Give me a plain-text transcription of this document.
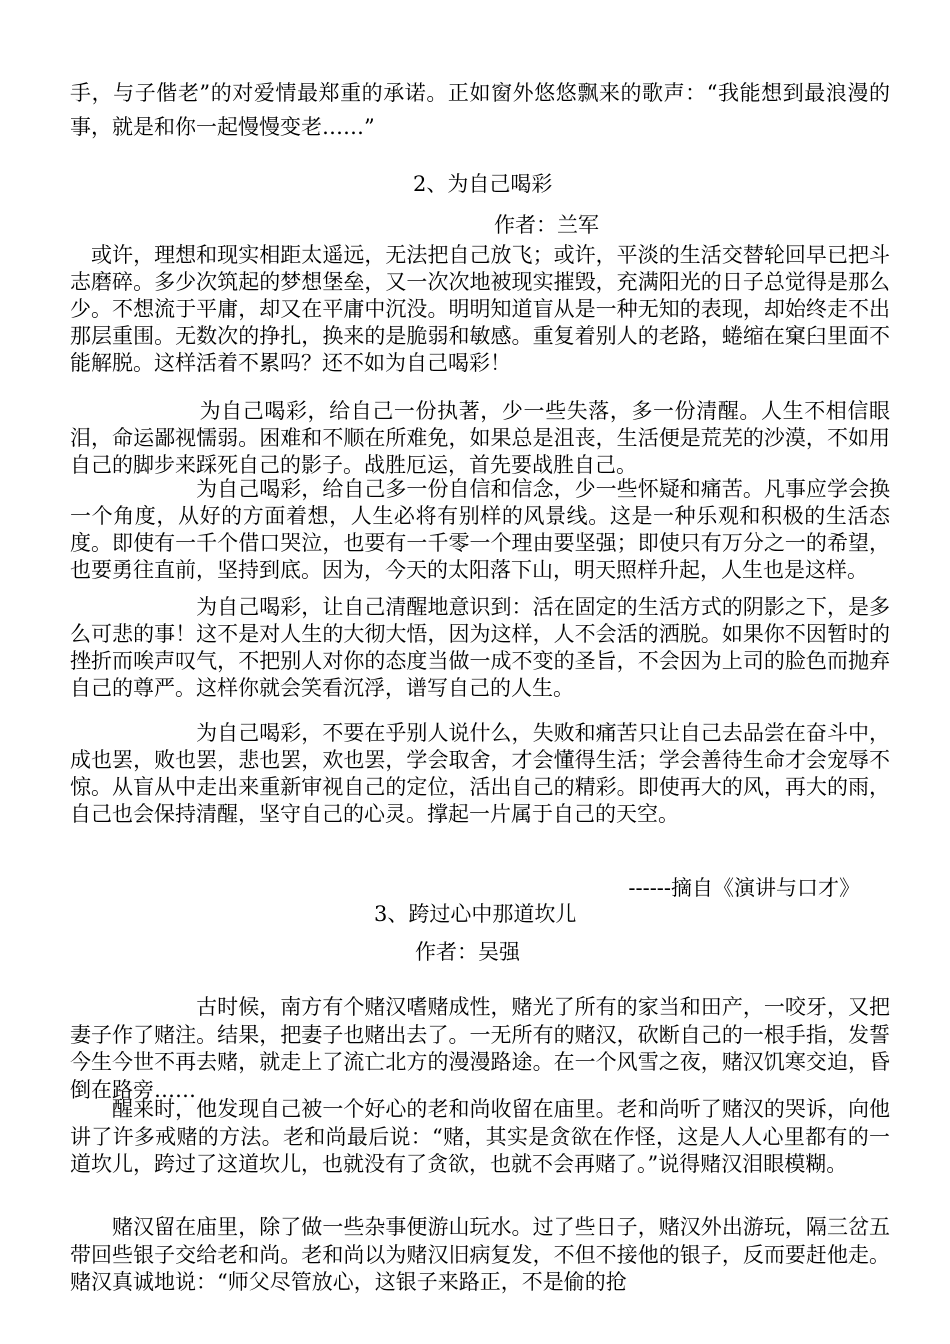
手，与子偕老”的对爱情最郑重的承诺。正如窗外悠悠飘来的歌声：“我能想到最浪漫的事，就是和你一起慢慢变老……”

2、为自己喝彩
作者：兰军

　或许，理想和现实相距太遥远，无法把自己放飞；或许，平淡的生活交替轮回早已把斗志磨碎。多少次筑起的梦想堡垒，又一次次地被现实摧毁，充满阳光的日子总觉得是那么少。不想流于平庸，却又在平庸中沉没。明明知道盲从是一种无知的表现，却始终走不出那层重围。无数次的挣扎，换来的是脆弱和敏感。重复着别人的老路，蜷缩在窠臼里面不能解脱。这样活着不累吗？还不如为自己喝彩！

　　　　　　为自己喝彩，给自己一份执著，少一些失落，多一份清醒。人生不相信眼泪，命运鄙视懦弱。困难和不顺在所难免，如果总是沮丧，生活便是荒芜的沙漠，不如用自己的脚步来踩死自己的影子。战胜厄运，首先要战胜自己。

　　　　　　为自己喝彩，给自己多一份自信和信念，少一些怀疑和痛苦。凡事应学会换一个角度，从好的方面着想，人生必将有别样的风景线。这是一种乐观和积极的生活态度。即使有一千个借口哭泣，也要有一千零一个理由要坚强；即使只有万分之一的希望，也要勇往直前，坚持到底。因为，今天的太阳落下山，明天照样升起，人生也是这样。

　　　　　　为自己喝彩，让自己清醒地意识到：活在固定的生活方式的阴影之下，是多么可悲的事！这不是对人生的大彻大悟，因为这样，人不会活的洒脱。如果你不因暂时的挫折而唉声叹气，不把别人对你的态度当做一成不变的圣旨，不会因为上司的脸色而抛弃自己的尊严。这样你就会笑看沉浮，谱写自己的人生。

　　　　　　为自己喝彩，不要在乎别人说什么，失败和痛苦只让自己去品尝在奋斗中，成也罢，败也罢，悲也罢，欢也罢，学会取舍，才会懂得生活；学会善待生命才会宠辱不惊。从盲从中走出来重新审视自己的定位，活出自己的精彩。即使再大的风，再大的雨，自己也会保持清醒，坚守自己的心灵。撑起一片属于自己的天空。

------摘自《演讲与口才》
3、跨过心中那道坎儿
作者：吴强

　　　　　　古时候，南方有个赌汉嗜赌成性，赌光了所有的家当和田产，一咬牙，又把妻子作了赌注。结果，把妻子也赌出去了。一无所有的赌汉，砍断自己的一根手指，发誓今生今世不再去赌，就走上了流亡北方的漫漫路途。在一个风雪之夜，赌汉饥寒交迫，昏倒在路旁……

　　醒来时，他发现自己被一个好心的老和尚收留在庙里。老和尚听了赌汉的哭诉，向他讲了许多戒赌的方法。老和尚最后说：“赌，其实是贪欲在作怪，这是人人心里都有的一道坎儿，跨过了这道坎儿，也就没有了贪欲，也就不会再赌了。”说得赌汉泪眼模糊。

　　赌汉留在庙里，除了做一些杂事便游山玩水。过了些日子，赌汉外出游玩，隔三岔五带回些银子交给老和尚。老和尚以为赌汉旧病复发，不但不接他的银子，反而要赶他走。赌汉真诚地说：“师父尽管放心，这银子来路正，不是偷的抢
